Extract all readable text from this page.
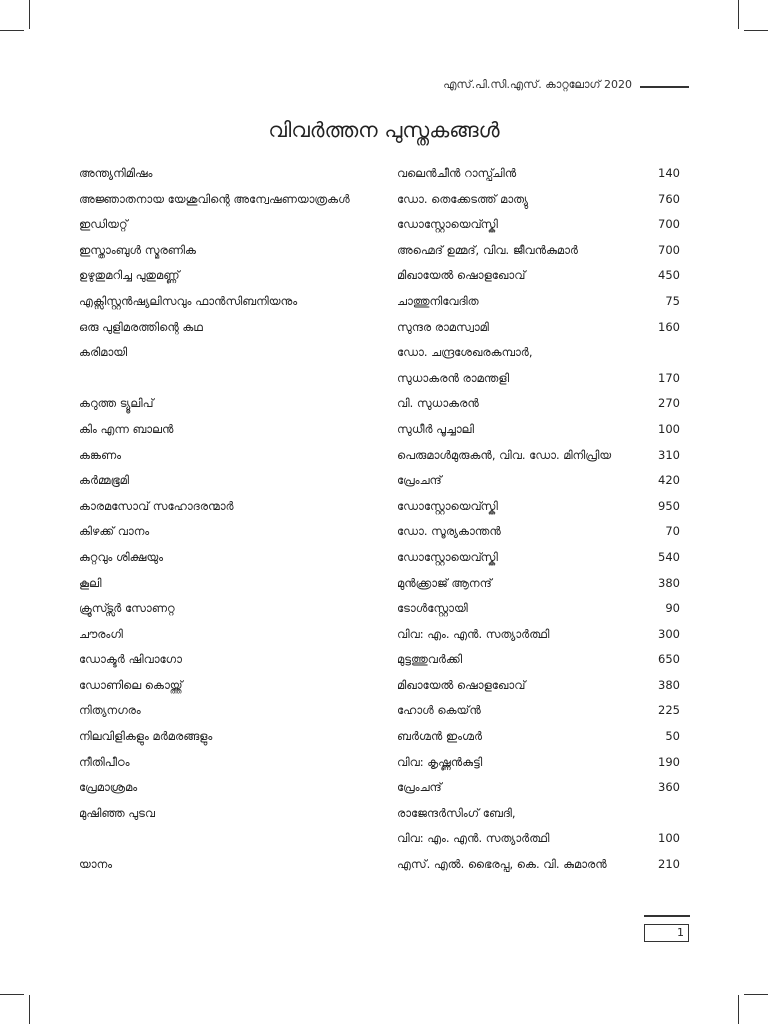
എസ്.പി.സി.എസ്. കാറ്റലോഗ് 2020
വിവർത്തന പുസ്തകങ്ങൾ
അന്ത്യനിമിഷം	വലെൻചീൻ റാസ്പ്ചിൻ	140
അജ്ഞാതനായ യേശുവിന്റെ അന്വേഷണയാത്രകൾ	ഡോ. തെക്കേടത്ത് മാത്യു	760
ഇഡിയറ്റ്	ഡോസ്റ്റോയെവ്സ്കി	700
ഇസ്താംബുൾ സ്മരണിക	അഹ്മെദ് ഉമ്മദ്, വിവ. ജീവൻകുമാർ	700
ഉഴുതുമറിച്ച പുതുമണ്ണ്	മിഖായേൽ ഷൊളഖോവ്	450
എക്സിസ്റ്റൻഷ്യലിസവും ഫാൻസിബനിയനും	ചാത്തുനിവേദിത	75
ഒരു പുളിമരത്തിന്റെ കഥ	സുന്ദര രാമസ്വാമി	160
കരിമായി	ഡോ. ചന്ദ്രശേഖരകമ്പാർ,
സുധാകരൻ രാമന്തളി	170
കറുത്ത ട്യൂലിപ്	വി. സുധാകരൻ	270
കിം എന്ന ബാലൻ	സുധീർ പൂച്ചാലി	100
കങ്കണം	പെരുമാൾമുരുകൻ, വിവ. ഡോ. മിനിപ്രിയ	310
കർമ്മഭൂമി	പ്രേംചന്ദ്	420
കാരമസോവ് സഹോദരന്മാർ	ഡോസ്റ്റോയെവ്സ്കി	950
കിഴക്ക് വാനം	ഡോ. സൂര്യകാന്തൻ	70
കുറ്റവും ശിക്ഷയും	ഡോസ്റ്റോയെവ്സ്കി	540
കൂലി	മുൻക്ക്രാജ് ആനന്ദ്	380
ക്രൂസ്ട്സർ സോണറ്റ	ടോൾസ്റ്റോയി	90
ചൗരംഗി	വിവ: എം. എൻ. സത്യാർത്ഥി	300
ഡോക്ടർ ഷിവാഗോ	മുട്ടത്തുവർക്കി	650
ഡോണിലെ കൊയ്ത്ത്	മിഖായേൽ ഷൊളഖോവ്	380
നിത്യനഗരം	ഹോൾ കെയ്ൻ	225
നിലവിളികളും മർമരങ്ങളും	ബർഗ്മൻ ഇംഗ്മർ	50
നീതിപീഠം	വിവ: കൃഷ്ണൻകുട്ടി	190
പ്രേമാശ്രമം	പ്രേംചന്ദ്	360
മുഷിഞ്ഞ പുടവ	രാജേന്ദർസിംഗ് ബേദി,
വിവ: എം. എൻ. സത്യാർത്ഥി	100
യാനം	എസ്. എൽ. ഭൈരപ്പ, കെ. വി. കുമാരൻ	210
1
